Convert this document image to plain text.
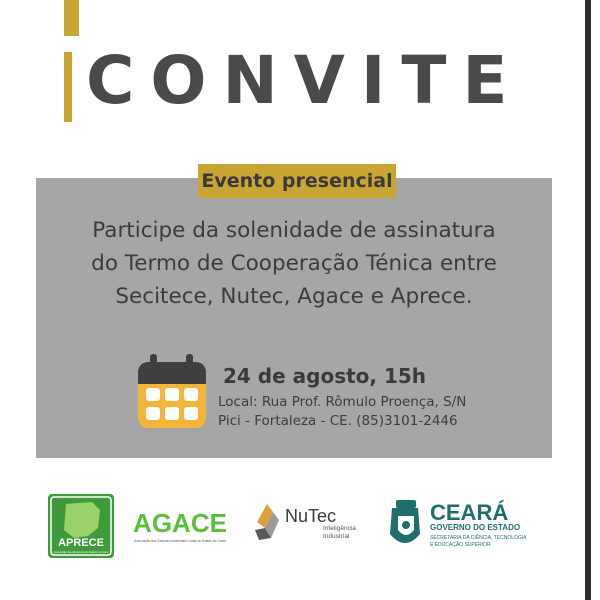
CONVITE
Evento presencial
Participe da solenidade de assinatura
do Termo de Cooperação Ténica entre
Secitece, Nutec, Agace e Aprece.
24 de agosto, 15h
Local: Rua Prof. Rômulo Proença, S/N
Pici - Fortaleza - CE. (85)3101-2446
APRECE
Associação dos Municípios do Estado do Ceará
AGACE
Associação dos Gestores Ambientais Locais do Estado do Ceará
NuTec
Inteligência
Industrial
CEARÁ
GOVERNO DO ESTADO
SECRETARIA DA CIÊNCIA, TECNOLOGIA
E EDUCAÇÃO SUPERIOR
